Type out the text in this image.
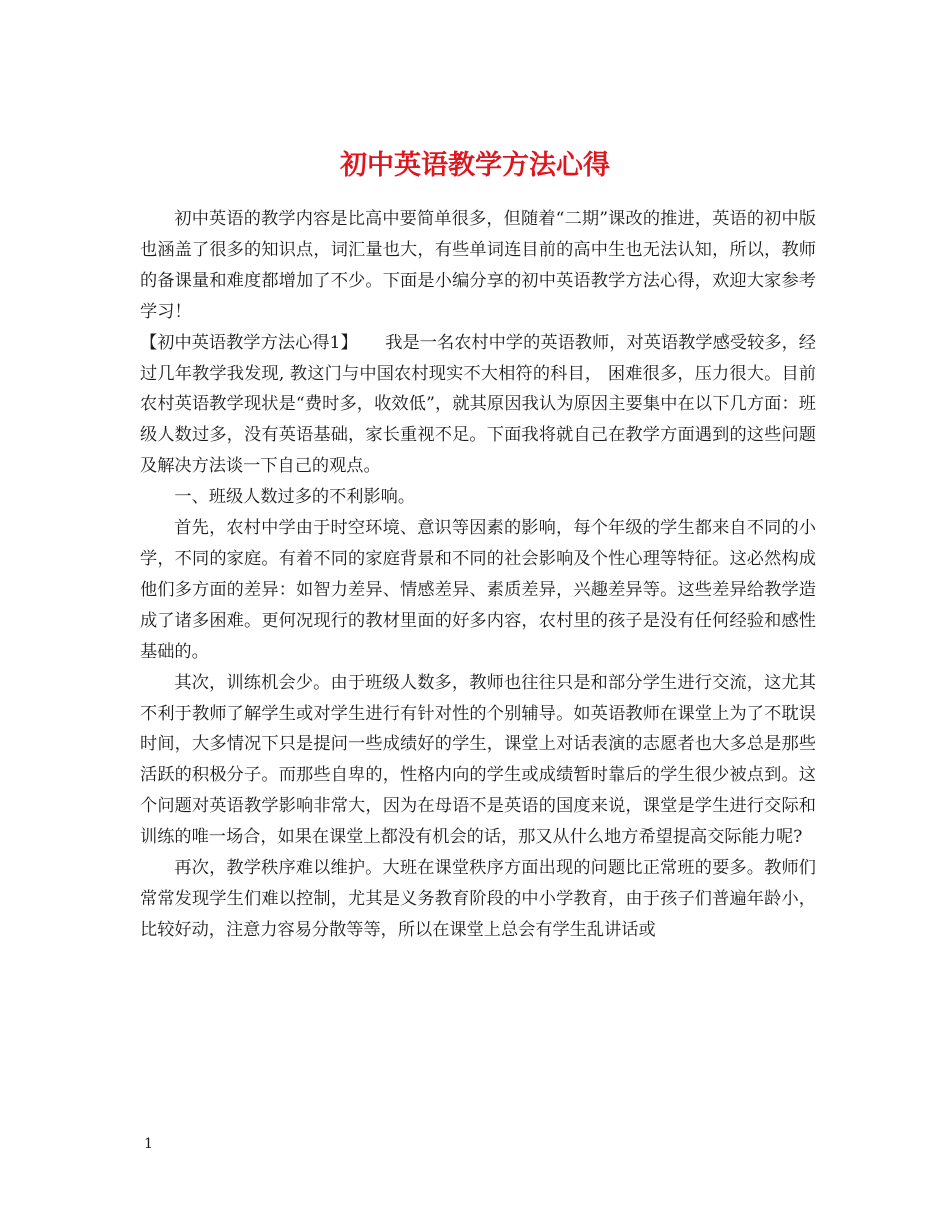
初中英语教学方法心得

初中英语的教学内容是比高中要简单很多，但随着“二期”课改的推进，英语的初中版也涵盖了很多的知识点，词汇量也大，有些单词连目前的高中生也无法认知，所以，教师的备课量和难度都增加了不少。下面是小编分享的初中英语教学方法心得，欢迎大家参考学习！

【初中英语教学方法心得1】 我是一名农村中学的英语教师，对英语教学感受较多，经过几年教学我发现, 教这门与中国农村现实不大相符的科目， 困难很多，压力很大。目前农村英语教学现状是“费时多，收效低”，就其原因我认为原因主要集中在以下几方面：班级人数过多，没有英语基础，家长重视不足。下面我将就自己在教学方面遇到的这些问题及解决方法谈一下自己的观点。

一、班级人数过多的不利影响。

首先，农村中学由于时空环境、意识等因素的影响，每个年级的学生都来自不同的小学，不同的家庭。有着不同的家庭背景和不同的社会影响及个性心理等特征。这必然构成他们多方面的差异：如智力差异、情感差异、素质差异，兴趣差异等。这些差异给教学造成了诸多困难。更何况现行的教材里面的好多内容，农村里的孩子是没有任何经验和感性基础的。

其次，训练机会少。由于班级人数多，教师也往往只是和部分学生进行交流，这尤其不利于教师了解学生或对学生进行有针对性的个别辅导。如英语教师在课堂上为了不耽误时间，大多情况下只是提问一些成绩好的学生，课堂上对话表演的志愿者也大多总是那些活跃的积极分子。而那些自卑的，性格内向的学生或成绩暂时靠后的学生很少被点到。这个问题对英语教学影响非常大，因为在母语不是英语的国度来说，课堂是学生进行交际和训练的唯一场合，如果在课堂上都没有机会的话，那又从什么地方希望提高交际能力呢?

再次，教学秩序难以维护。大班在课堂秩序方面出现的问题比正常班的要多。教师们常常发现学生们难以控制，尤其是义务教育阶段的中小学教育，由于孩子们普遍年龄小，比较好动，注意力容易分散等等，所以在课堂上总会有学生乱讲话或

1
